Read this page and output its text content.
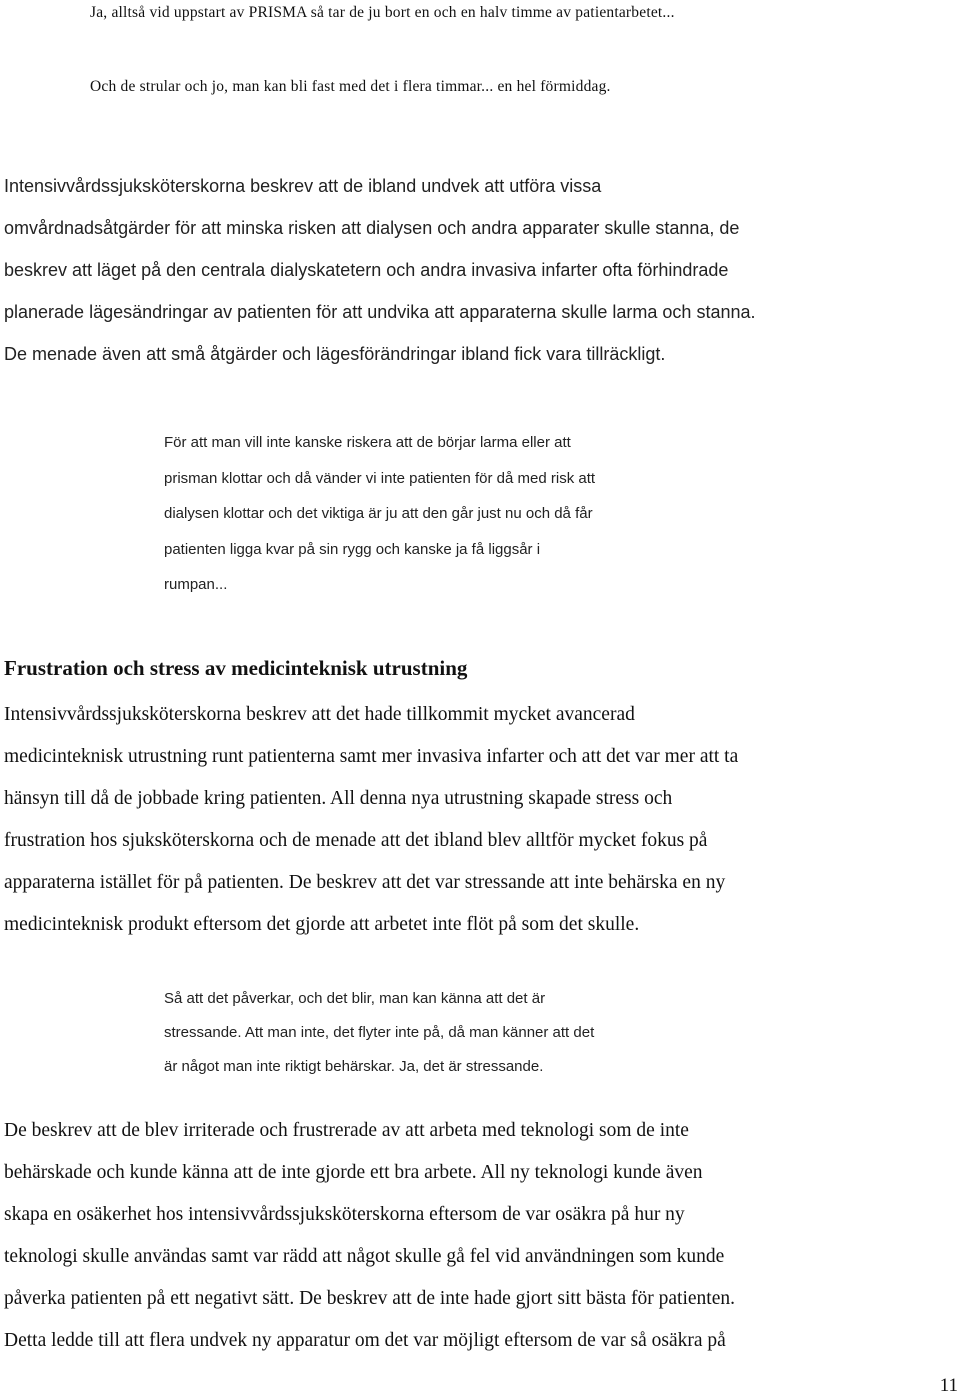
Ja, alltså vid uppstart av PRISMA så tar de ju bort en och en halv timme av patientarbetet...
Och de strular och jo, man kan bli fast med det i flera timmar... en hel förmiddag.

Intensivvårdssjuksköterskorna beskrev att de ibland undvek att utföra vissa
omvårdnadsåtgärder för att minska risken att dialysen och andra apparater skulle stanna, de
beskrev att läget på den centrala dialyskatetern och andra invasiva infarter ofta förhindrade
planerade lägesändringar av patienten för att undvika att apparaterna skulle larma och stanna.
De menade även att små åtgärder och lägesförändringar ibland fick vara tillräckligt.

För att man vill inte kanske riskera att de börjar larma eller att
prisman klottar och då vänder vi inte patienten för då med risk att
dialysen klottar och det viktiga är ju att den går just nu och då får
patienten ligga kvar på sin rygg och kanske ja få liggsår i
rumpan...

Frustration och stress av medicinteknisk utrustning

Intensivvårdssjuksköterskorna beskrev att det hade tillkommit mycket avancerad
medicinteknisk utrustning runt patienterna samt mer invasiva infarter och att det var mer att ta
hänsyn till då de jobbade kring patienten. All denna nya utrustning skapade stress och
frustration hos sjuksköterskorna och de menade att det ibland blev alltför mycket fokus på
apparaterna istället för på patienten. De beskrev att det var stressande att inte behärska en ny
medicinteknisk produkt eftersom det gjorde att arbetet inte flöt på som det skulle.

Så att det påverkar, och det blir, man kan känna att det är
stressande. Att man inte, det flyter inte på, då man känner att det
är något man inte riktigt behärskar. Ja, det är stressande.

De beskrev att de blev irriterade och frustrerade av att arbeta med teknologi som de inte
behärskade och kunde känna att de inte gjorde ett bra arbete. All ny teknologi kunde även
skapa en osäkerhet hos intensivvårdssjuksköterskorna eftersom de var osäkra på hur ny
teknologi skulle användas samt var rädd att något skulle gå fel vid användningen som kunde
påverka patienten på ett negativt sätt. De beskrev att de inte hade gjort sitt bästa för patienten.
Detta ledde till att flera undvek ny apparatur om det var möjligt eftersom de var så osäkra på

11
